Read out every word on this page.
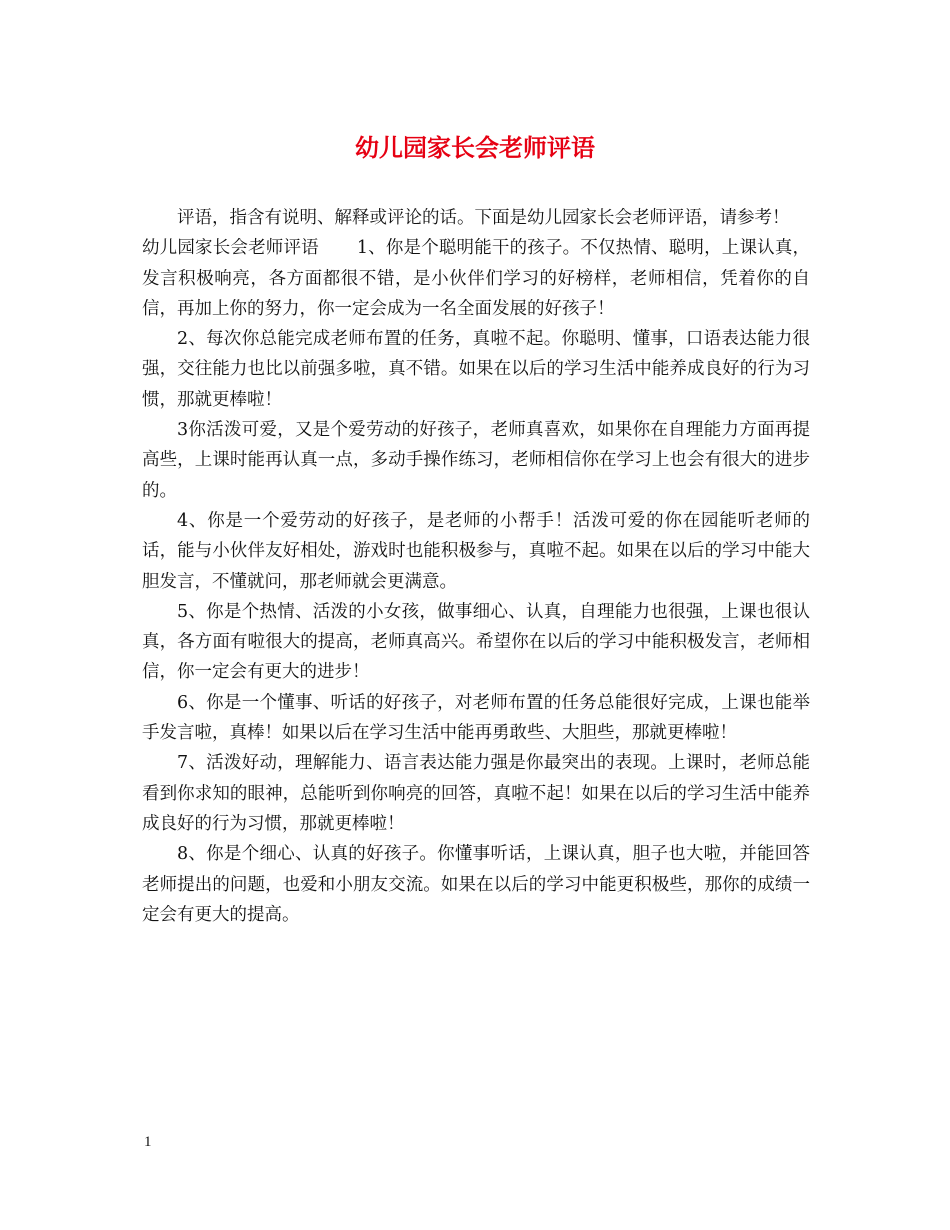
幼儿园家长会老师评语

评语，指含有说明、解释或评论的话。下面是幼儿园家长会老师评语，请参考！

幼儿园家长会老师评语 1、你是个聪明能干的孩子。不仅热情、聪明，上课认真，发言积极响亮，各方面都很不错，是小伙伴们学习的好榜样，老师相信，凭着你的自信，再加上你的努力，你一定会成为一名全面发展的好孩子！

2、每次你总能完成老师布置的任务，真啦不起。你聪明、懂事，口语表达能力很强，交往能力也比以前强多啦，真不错。如果在以后的学习生活中能养成良好的行为习惯，那就更棒啦！

3你活泼可爱，又是个爱劳动的好孩子，老师真喜欢，如果你在自理能力方面再提高些，上课时能再认真一点，多动手操作练习，老师相信你在学习上也会有很大的进步的。

4、你是一个爱劳动的好孩子，是老师的小帮手！活泼可爱的你在园能听老师的话，能与小伙伴友好相处，游戏时也能积极参与，真啦不起。如果在以后的学习中能大胆发言，不懂就问，那老师就会更满意。

5、你是个热情、活泼的小女孩，做事细心、认真，自理能力也很强，上课也很认真，各方面有啦很大的提高，老师真高兴。希望你在以后的学习中能积极发言，老师相信，你一定会有更大的进步！

6、你是一个懂事、听话的好孩子，对老师布置的任务总能很好完成，上课也能举手发言啦，真棒！如果以后在学习生活中能再勇敢些、大胆些，那就更棒啦！

7、活泼好动，理解能力、语言表达能力强是你最突出的表现。上课时，老师总能看到你求知的眼神，总能听到你响亮的回答，真啦不起！如果在以后的学习生活中能养成良好的行为习惯，那就更棒啦！

8、你是个细心、认真的好孩子。你懂事听话，上课认真，胆子也大啦，并能回答老师提出的问题，也爱和小朋友交流。如果在以后的学习中能更积极些，那你的成绩一定会有更大的提高。

1
